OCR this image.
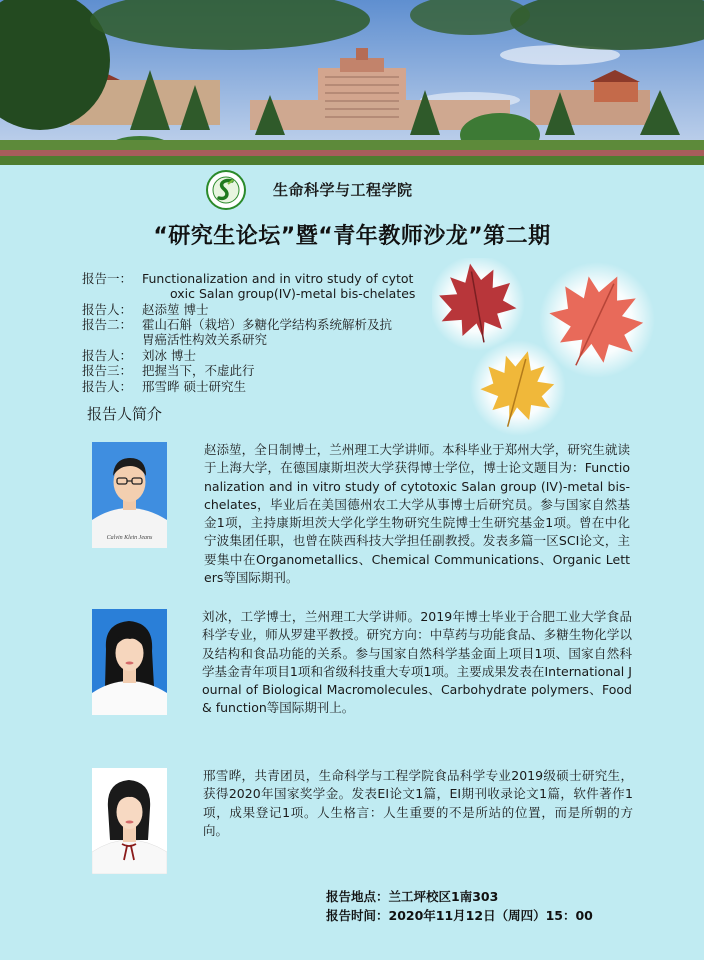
生命科学与工程学院
“研究生论坛”暨“青年教师沙龙”第二期
报告一： Functionalization and in vitro study of cytot
oxic Salan group(IV)-metal bis-chelates
报告人： 赵添堃 博士
报告二： 霍山石斛（栽培）多糖化学结构系统解析及抗
胃癌活性构效关系研究
报告人： 刘冰 博士
报告三： 把握当下，不虚此行
报告人： 邢雪晔 硕士研究生
报告人简介
Calvin Klein Jeans
赵添堃，全日制博士，兰州理工大学讲师。本科毕业于郑州大学，研究生就读于上海大学，在德国康斯坦茨大学获得博士学位，博士论文题目为：Functionalization and in vitro study of cytotoxic Salan group (IV)-metal bis-chelates，毕业后在美国德州农工大学从事博士后研究员。参与国家自然基金1项，主持康斯坦茨大学化学生物研究生院博士生研究基金1项。曾在中化宁波集团任职，也曾在陕西科技大学担任副教授。发表多篇一区SCI论文，主要集中在Organometallics、Chemical Communications、Organic Letters等国际期刊。
刘冰，工学博士，兰州理工大学讲师。2019年博士毕业于合肥工业大学食品科学专业，师从罗建平教授。研究方向：中草药与功能食品、多糖生物化学以及结构和食品功能的关系。参与国家自然科学基金面上项目1项、国家自然科学基金青年项目1项和省级科技重大专项1项。主要成果发表在International Journal of Biological Macromolecules、Carbohydrate polymers、Food & function等国际期刊上。
邢雪晔，共青团员，生命科学与工程学院食品科学专业2019级硕士研究生，获得2020年国家奖学金。发表EI论文1篇，EI期刊收录论文1篇，软件著作1项，成果登记1项。人生格言：人生重要的不是所站的位置，而是所朝的方向。
报告地点：兰工坪校区1南303
报告时间：2020年11月12日（周四）15：00
